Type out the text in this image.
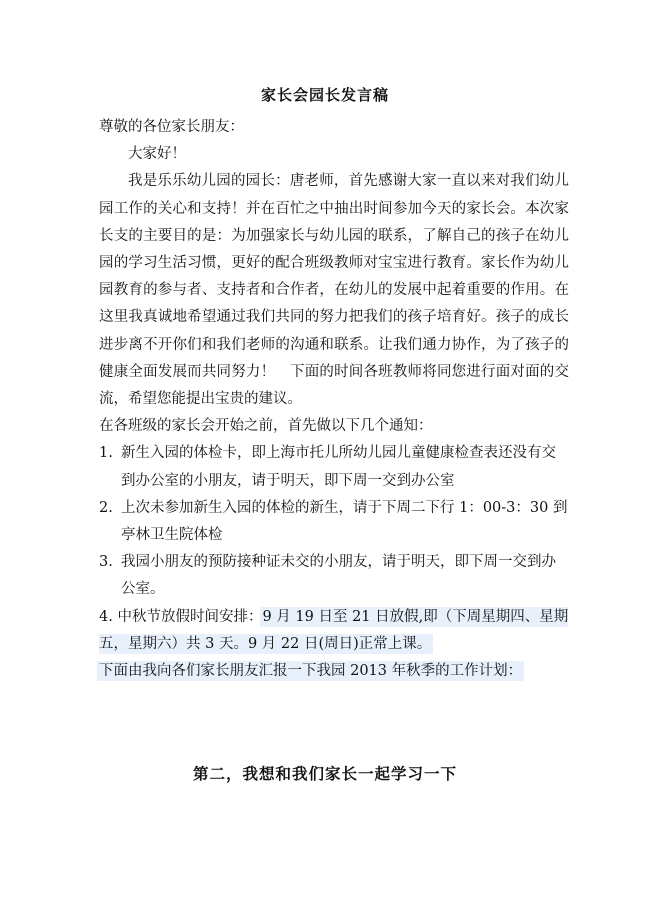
家长会园长发言稿

尊敬的各位家长朋友：

大家好！

我是乐乐幼儿园的园长：唐老师，首先感谢大家一直以来对我们幼儿园工作的关心和支持！并在百忙之中抽出时间参加今天的家长会。本次家长支的主要目的是：为加强家长与幼儿园的联系，了解自己的孩子在幼儿园的学习生活习惯，更好的配合班级教师对宝宝进行教育。家长作为幼儿园教育的参与者、支持者和合作者，在幼儿的发展中起着重要的作用。在这里我真诚地希望通过我们共同的努力把我们的孩子培育好。孩子的成长进步离不开你们和我们老师的沟通和联系。让我们通力协作，为了孩子的健康全面发展而共同努力！　下面的时间各班教师将同您进行面对面的交流，希望您能提出宝贵的建议。

在各班级的家长会开始之前，首先做以下几个通知：

1. 新生入园的体检卡，即上海市托儿所幼儿园儿童健康检查表还没有交到办公室的小朋友，请于明天，即下周一交到办公室

2. 上次未参加新生入园的体检的新生，请于下周二下行 1：00-3：30 到亭林卫生院体检

3. 我园小朋友的预防接种证未交的小朋友，请于明天，即下周一交到办公室。

4. 中秋节放假时间安排：9 月 19 日至 21 日放假,即（下周星期四、星期五，星期六）共 3 天。9 月 22 日(周日)正常上课。

下面由我向各们家长朋友汇报一下我园 2013 年秋季的工作计划：

第二，我想和我们家长一起学习一下
